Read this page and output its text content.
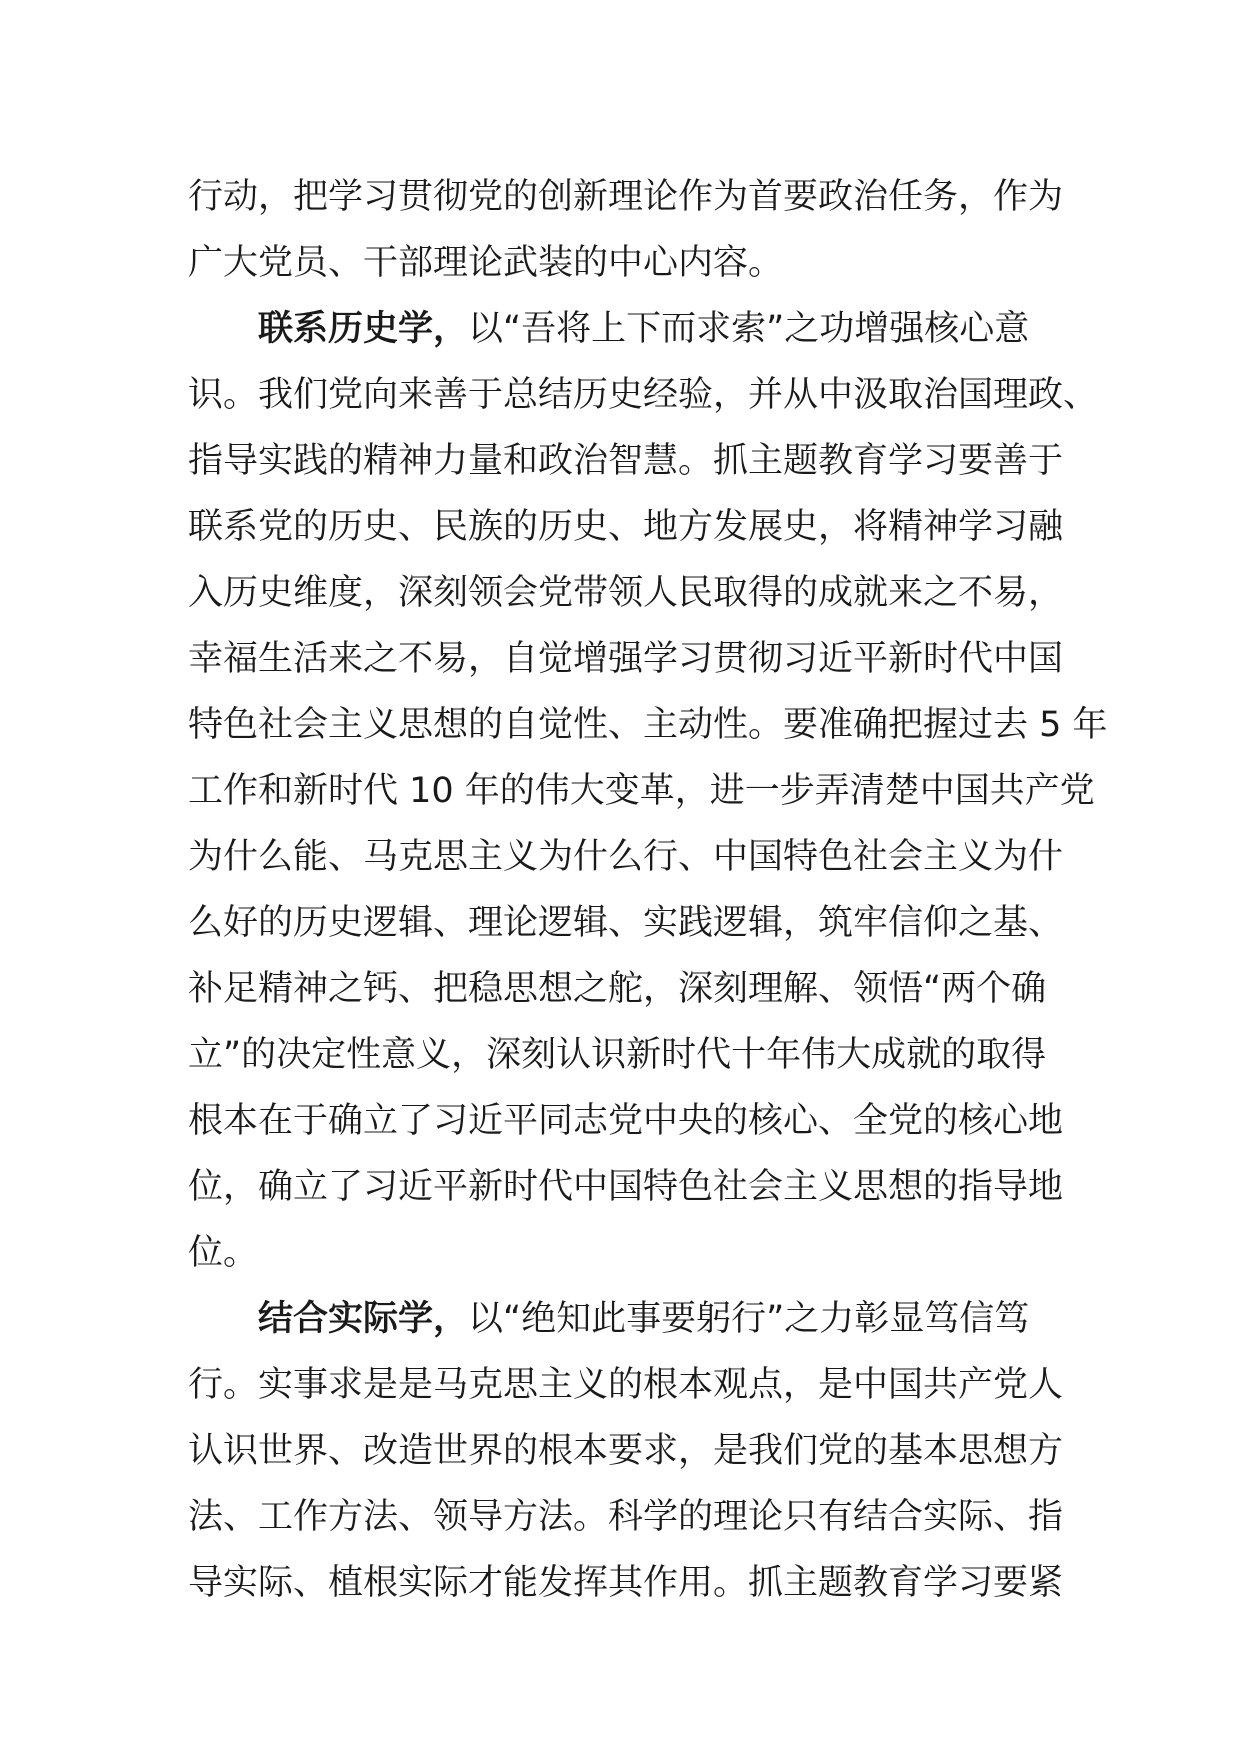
行动，把学习贯彻党的创新理论作为首要政治任务，作为
广大党员、干部理论武装的中心内容。
联系历史学，以“吾将上下而求索”之功增强核心意
识。我们党向来善于总结历史经验，并从中汲取治国理政、
指导实践的精神力量和政治智慧。抓主题教育学习要善于
联系党的历史、民族的历史、地方发展史，将精神学习融
入历史维度，深刻领会党带领人民取得的成就来之不易，
幸福生活来之不易，自觉增强学习贯彻习近平新时代中国
特色社会主义思想的自觉性、主动性。要准确把握过去 5 年
工作和新时代 10 年的伟大变革，进一步弄清楚中国共产党
为什么能、马克思主义为什么行、中国特色社会主义为什
么好的历史逻辑、理论逻辑、实践逻辑，筑牢信仰之基、
补足精神之钙、把稳思想之舵，深刻理解、领悟“两个确
立”的决定性意义，深刻认识新时代十年伟大成就的取得
根本在于确立了习近平同志党中央的核心、全党的核心地
位，确立了习近平新时代中国特色社会主义思想的指导地
位。
结合实际学，以“绝知此事要躬行”之力彰显笃信笃
行。实事求是是马克思主义的根本观点，是中国共产党人
认识世界、改造世界的根本要求，是我们党的基本思想方
法、工作方法、领导方法。科学的理论只有结合实际、指
导实际、植根实际才能发挥其作用。抓主题教育学习要紧
